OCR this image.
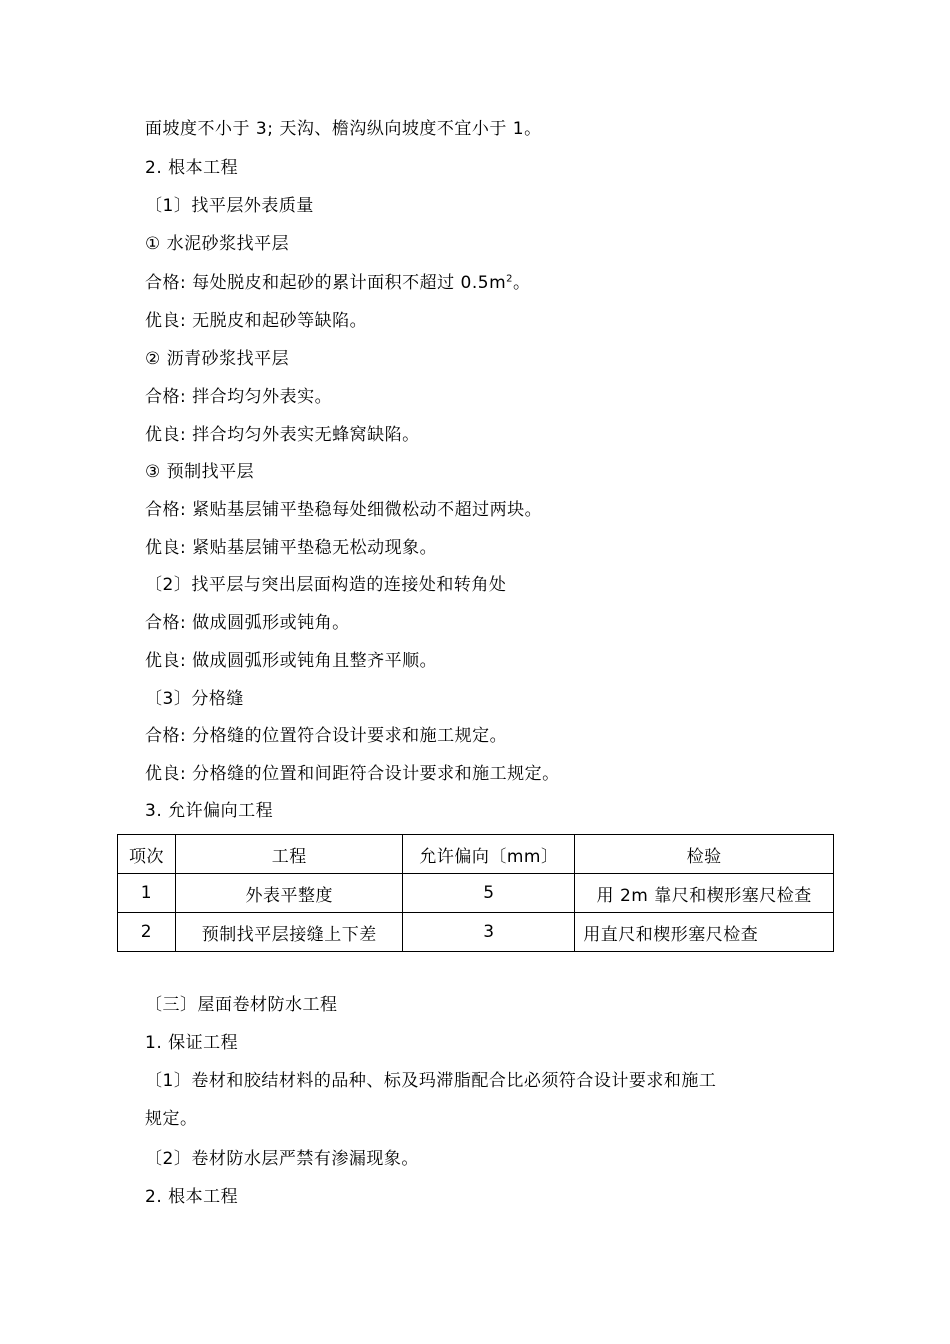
面坡度不小于 3; 天沟、檐沟纵向坡度不宜小于 1。
2. 根本工程
〔1〕找平层外表质量
① 水泥砂浆找平层
合格: 每处脱皮和起砂的累计面积不超过 $0.5m^2$。
优良: 无脱皮和起砂等缺陷。
② 沥青砂浆找平层
合格: 拌合均匀外表实。
优良: 拌合均匀外表实无蜂窝缺陷。
③ 预制找平层
合格: 紧贴基层铺平垫稳每处细微松动不超过两块。
优良: 紧贴基层铺平垫稳无松动现象。
〔2〕找平层与突出层面构造的连接处和转角处
合格: 做成圆弧形或钝角。
优良: 做成圆弧形或钝角且整齐平顺。
〔3〕分格缝
合格: 分格缝的位置符合设计要求和施工规定。
优良: 分格缝的位置和间距符合设计要求和施工规定。
3. 允许偏向工程
项次	工程	允许偏向〔mm〕	检验
1	外表平整度	5	用 2m 靠尺和楔形塞尺检查
2	预制找平层接缝上下差	3	用直尺和楔形塞尺检查
〔三〕屋面卷材防水工程
1. 保证工程
〔1〕卷材和胶结材料的品种、标及玛滞脂配合比必须符合设计要求和施工
规定。
〔2〕卷材防水层严禁有渗漏现象。
2. 根本工程
